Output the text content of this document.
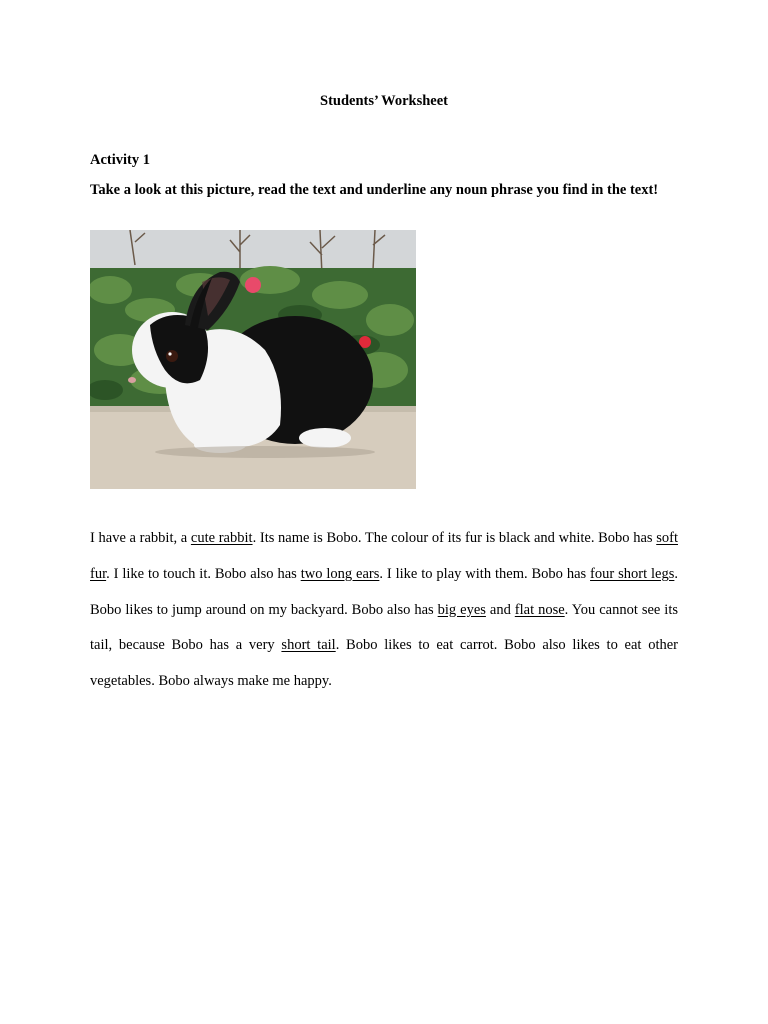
Students’ Worksheet
Activity 1

Take a look at this picture, read the text and underline any noun phrase you find in the text!

I have a rabbit, a cute rabbit. Its name is Bobo. The colour of its fur is black and white. Bobo has soft fur. I like to touch it. Bobo also has two long ears. I like to play with them. Bobo has four short legs. Bobo likes to jump around on my backyard. Bobo also has big eyes and flat nose. You cannot see its tail, because Bobo has a very short tail. Bobo likes to eat carrot. Bobo also likes to eat other vegetables. Bobo always make me happy.
